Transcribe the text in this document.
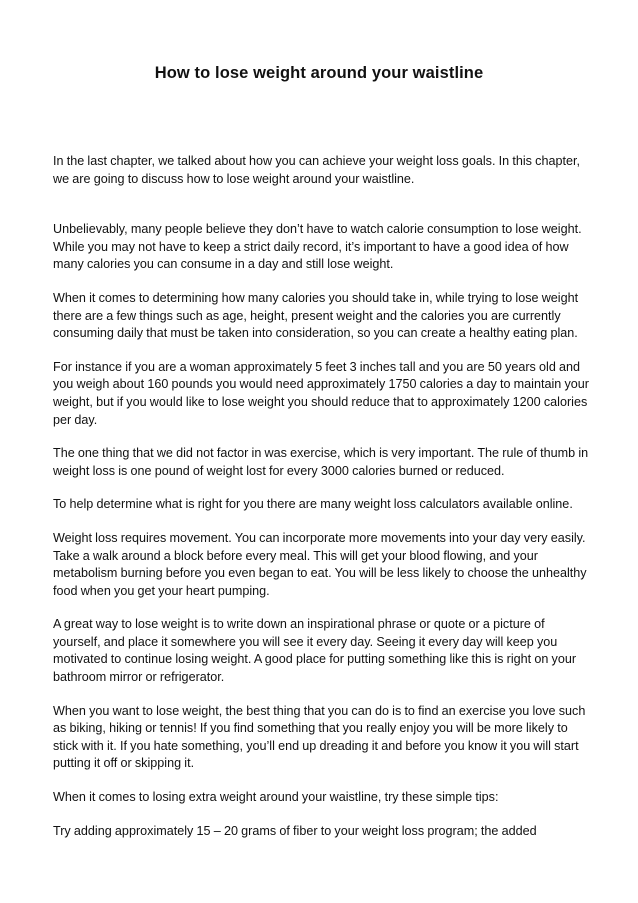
How to lose weight around your waistline

In the last chapter, we talked about how you can achieve your weight loss goals. In this chapter, we are going to discuss how to lose weight around your waistline.

Unbelievably, many people believe they don’t have to watch calorie consumption to lose weight. While you may not have to keep a strict daily record, it’s important to have a good idea of how many calories you can consume in a day and still lose weight.

When it comes to determining how many calories you should take in, while trying to lose weight there are a few things such as age, height, present weight and the calories you are currently consuming daily that must be taken into consideration, so you can create a healthy eating plan.

For instance if you are a woman approximately 5 feet 3 inches tall and you are 50 years old and you weigh about 160 pounds you would need approximately 1750 calories a day to maintain your weight, but if you would like to lose weight you should reduce that to approximately 1200 calories per day.

The one thing that we did not factor in was exercise, which is very important. The rule of thumb in weight loss is one pound of weight lost for every 3000 calories burned or reduced.

To help determine what is right for you there are many weight loss calculators available online.

Weight loss requires movement. You can incorporate more movements into your day very easily. Take a walk around a block before every meal. This will get your blood flowing, and your metabolism burning before you even began to eat. You will be less likely to choose the unhealthy food when you get your heart pumping.

A great way to lose weight is to write down an inspirational phrase or quote or a picture of yourself, and place it somewhere you will see it every day. Seeing it every day will keep you motivated to continue losing weight. A good place for putting something like this is right on your bathroom mirror or refrigerator.

When you want to lose weight, the best thing that you can do is to find an exercise you love such as biking, hiking or tennis! If you find something that you really enjoy you will be more likely to stick with it. If you hate something, you’ll end up dreading it and before you know it you will start putting it off or skipping it.

When it comes to losing extra weight around your waistline, try these simple tips:

Try adding approximately 15 – 20 grams of fiber to your weight loss program; the added
